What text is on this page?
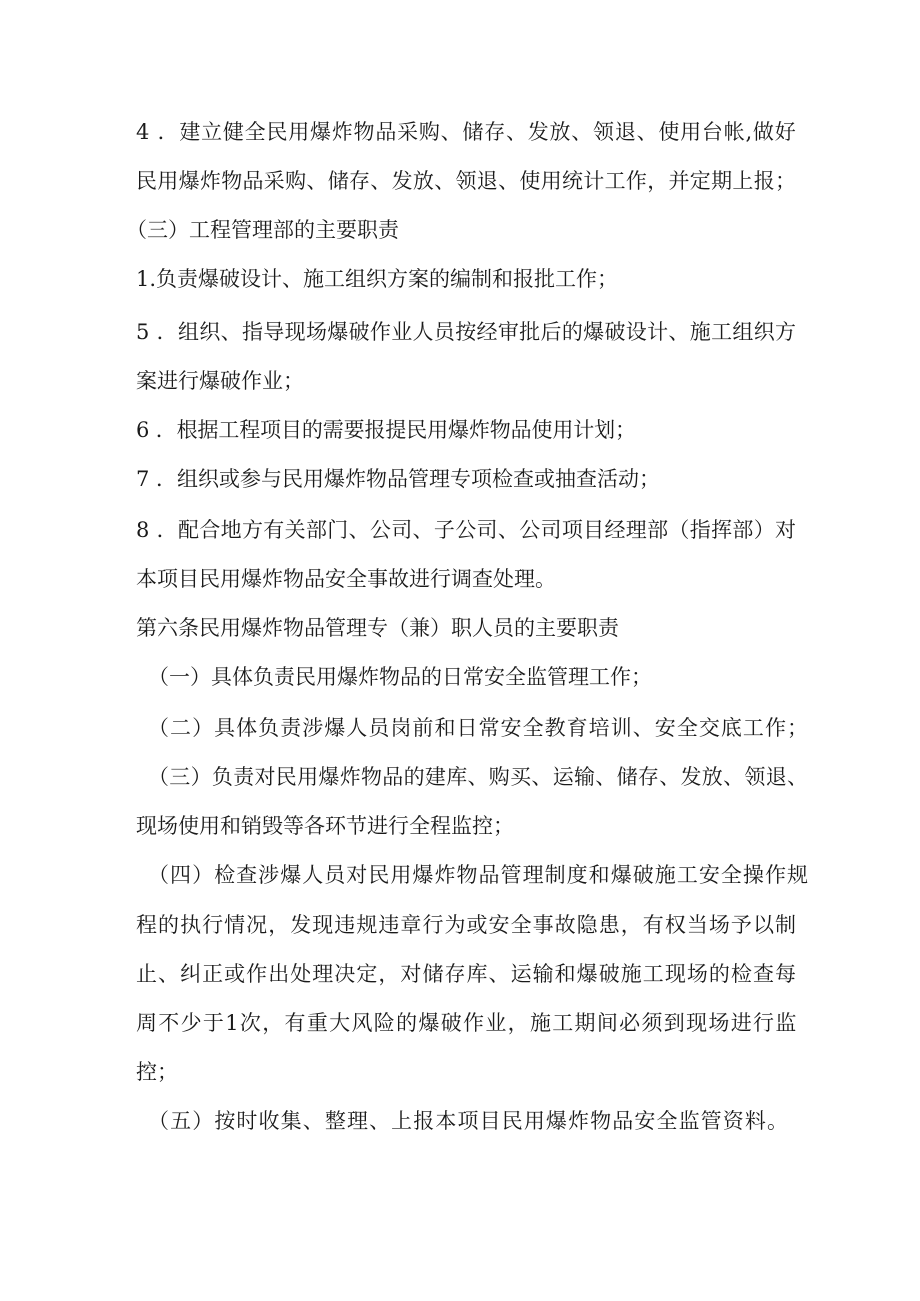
4 ．建立健全民用爆炸物品采购、储存、发放、领退、使用台帐,做好
民用爆炸物品采购、储存、发放、领退、使用统计工作，并定期上报；
（三）工程管理部的主要职责
1.负责爆破设计、施工组织方案的编制和报批工作；
5 ．组织、指导现场爆破作业人员按经审批后的爆破设计、施工组织方
案进行爆破作业；
6 ．根据工程项目的需要报提民用爆炸物品使用计划；
7 ．组织或参与民用爆炸物品管理专项检查或抽查活动；
8 ．配合地方有关部门、公司、子公司、公司项目经理部（指挥部）对
本项目民用爆炸物品安全事故进行调查处理。
第六条民用爆炸物品管理专（兼）职人员的主要职责
（一）具体负责民用爆炸物品的日常安全监管理工作；
（二）具体负责涉爆人员岗前和日常安全教育培训、安全交底工作；
（三）负责对民用爆炸物品的建库、购买、运输、储存、发放、领退、
现场使用和销毁等各环节进行全程监控；
（四）检查涉爆人员对民用爆炸物品管理制度和爆破施工安全操作规
程的执行情况，发现违规违章行为或安全事故隐患，有权当场予以制
止、纠正或作出处理决定，对储存库、运输和爆破施工现场的检查每
周不少于1次，有重大风险的爆破作业，施工期间必须到现场进行监
控；
（五）按时收集、整理、上报本项目民用爆炸物品安全监管资料。
